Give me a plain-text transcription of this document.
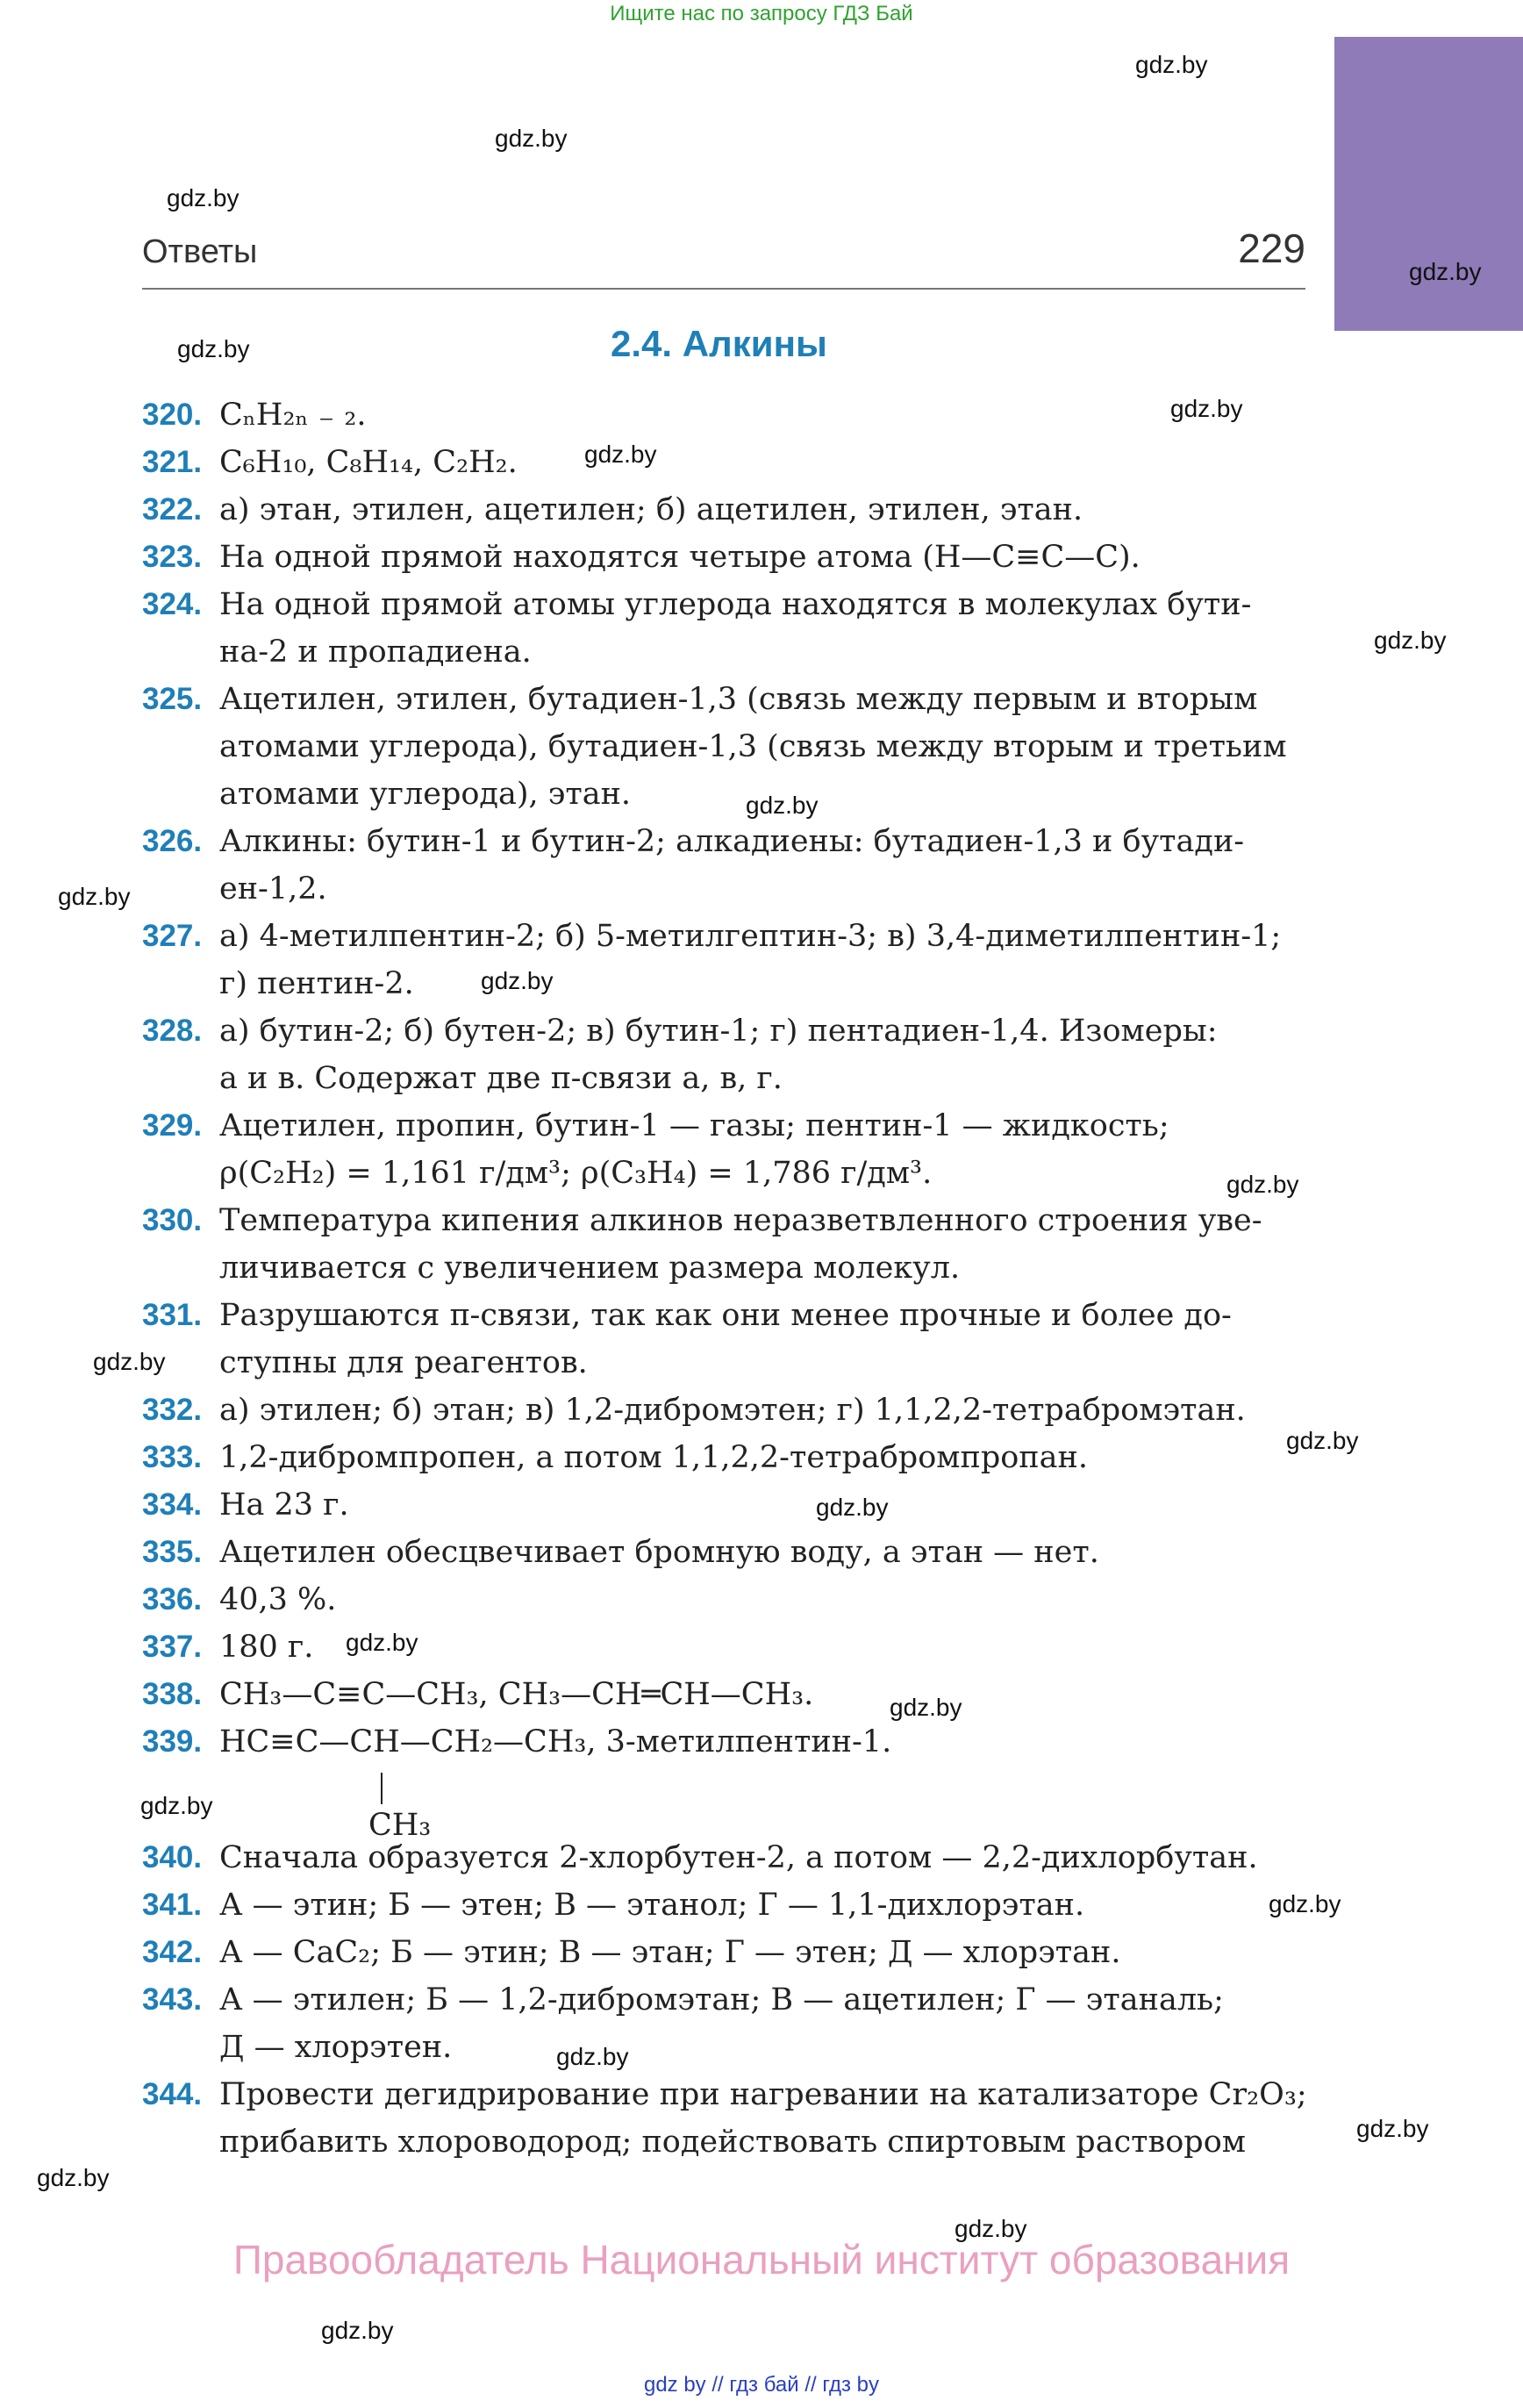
Ищите нас по запросу ГДЗ Бай
Ответы	229
2.4. Алкины
320. CₙH₂ₙ ₋ ₂.
321. C₆H₁₀, C₈H₁₄, C₂H₂.
322. а) этан, этилен, ацетилен; б) ацетилен, этилен, этан.
323. На одной прямой находятся четыре атома (H—C≡C—C).
324. На одной прямой атомы углерода находятся в молекулах бути-
на-2 и пропадиена.
325. Ацетилен, этилен, бутадиен-1,3 (связь между первым и вторым
атомами углерода), бутадиен-1,3 (связь между вторым и третьим
атомами углерода), этан.
326. Алкины: бутин-1 и бутин-2; алкадиены: бутадиен-1,3 и бутади-
ен-1,2.
327. а) 4-метилпентин-2; б) 5-метилгептин-3; в) 3,4-диметилпентин-1;
г) пентин-2.
328. а) бутин-2; б) бутен-2; в) бутин-1; г) пентадиен-1,4. Изомеры:
а и в. Содержат две π-связи а, в, г.
329. Ацетилен, пропин, бутин-1 — газы; пентин-1 — жидкость;
ρ(C₂H₂) = 1,161 г/дм³; ρ(C₃H₄) = 1,786 г/дм³.
330. Температура кипения алкинов неразветвленного строения уве-
личивается с увеличением размера молекул.
331. Разрушаются π-связи, так как они менее прочные и более до-
ступны для реагентов.
332. а) этилен; б) этан; в) 1,2-дибромэтен; г) 1,1,2,2-тетрабромэтан.
333. 1,2-дибромпропен, а потом 1,1,2,2-тетрабромпропан.
334. На 23 г.
335. Ацетилен обесцвечивает бромную воду, а этан — нет.
336. 40,3 %.
337. 180 г.
338. CH₃—C≡C—CH₃, CH₃—CH═CH—CH₃.
339. HC≡C—CH—CH₂—CH₃, 3-метилпентин-1.
CH₃
340. Сначала образуется 2-хлорбутен-2, а потом — 2,2-дихлорбутан.
341. А — этин; Б — этен; В — этанол; Г — 1,1-дихлорэтан.
342. А — CaC₂; Б — этин; В — этан; Г — этен; Д — хлорэтан.
343. А — этилен; Б — 1,2-дибромэтан; В — ацетилен; Г — этаналь;
Д — хлорэтен.
344. Провести дегидрирование при нагревании на катализаторе Cr₂O₃;
прибавить хлороводород; подействовать спиртовым раствором
gdz.by
gdz.by
gdz.by
gdz.by
gdz.by
gdz.by
gdz.by
gdz.by
gdz.by
gdz.by
gdz.by
gdz.by
gdz.by
gdz.by
gdz.by
gdz.by
gdz.by
gdz.by
gdz.by
gdz.by
gdz.by
gdz.by
gdz.by
gdz.by
Правообладатель Национальный институт образования
gdz by // гдз бай // гдз by
